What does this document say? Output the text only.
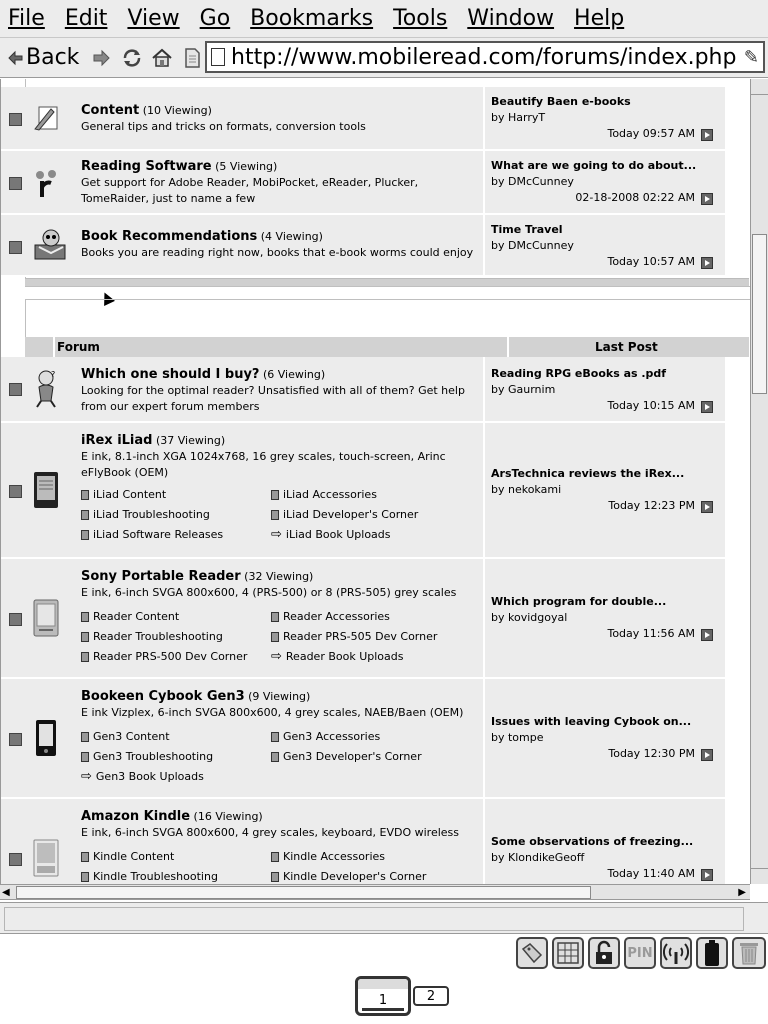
File Edit View Go Bookmarks Tools Window Help
Back	http://www.mobileread.com/forums/index.php ✎
Content (10 Viewing)
General tips and tricks on formats, conversion tools
Beautify Baen e-books
by HarryT
Today 09:57 AM
Reading Software (5 Viewing)
Get support for Adobe Reader, MobiPocket, eReader, Plucker, TomeRaider, just to name a few
What are we going to do about...
by DMcCunney
02-18-2008 02:22 AM
Book Recommendations (4 Viewing)
Books you are reading right now, books that e-book worms could enjoy
Time Travel
by DMcCunney
Today 10:57 AM
Forum	Last Post
? Which one should I buy? (6 Viewing)
Looking for the optimal reader? Unsatisfied with all of them? Get help from our expert forum members
Reading RPG eBooks as .pdf
by Gaurnim
Today 10:15 AM
iRex iLiad (37 Viewing)
E ink, 8.1-inch XGA 1024x768, 16 grey scales, touch-screen, Arinc eFlyBook (OEM)
iLiad Content	iLiad Accessories
iLiad Troubleshooting	iLiad Developer's Corner
iLiad Software Releases	⇨ iLiad Book Uploads
ArsTechnica reviews the iRex...
by nekokami
Today 12:23 PM
Sony Portable Reader (32 Viewing)
E ink, 6-inch SVGA 800x600, 4 (PRS-500) or 8 (PRS-505) grey scales
Reader Content	Reader Accessories
Reader Troubleshooting	Reader PRS-505 Dev Corner
Reader PRS-500 Dev Corner ⇨ Reader Book Uploads
Which program for double...
by kovidgoyal
Today 11:56 AM
Bookeen Cybook Gen3 (9 Viewing)
E ink Vizplex, 6-inch SVGA 800x600, 4 grey scales, NAEB/Baen (OEM)
Gen3 Content	Gen3 Accessories
Gen3 Troubleshooting	Gen3 Developer's Corner
⇨ Gen3 Book Uploads
Issues with leaving Cybook on...
by tompe
Today 12:30 PM
Amazon Kindle (16 Viewing)
E ink, 6-inch SVGA 800x600, 4 grey scales, keyboard, EVDO wireless
Kindle Content	Kindle Accessories
Kindle Troubleshooting	Kindle Developer's Corner
Some observations of freezing...
by KlondikeGeoff
Today 11:40 AM
◀	▶
PIN
1	2
